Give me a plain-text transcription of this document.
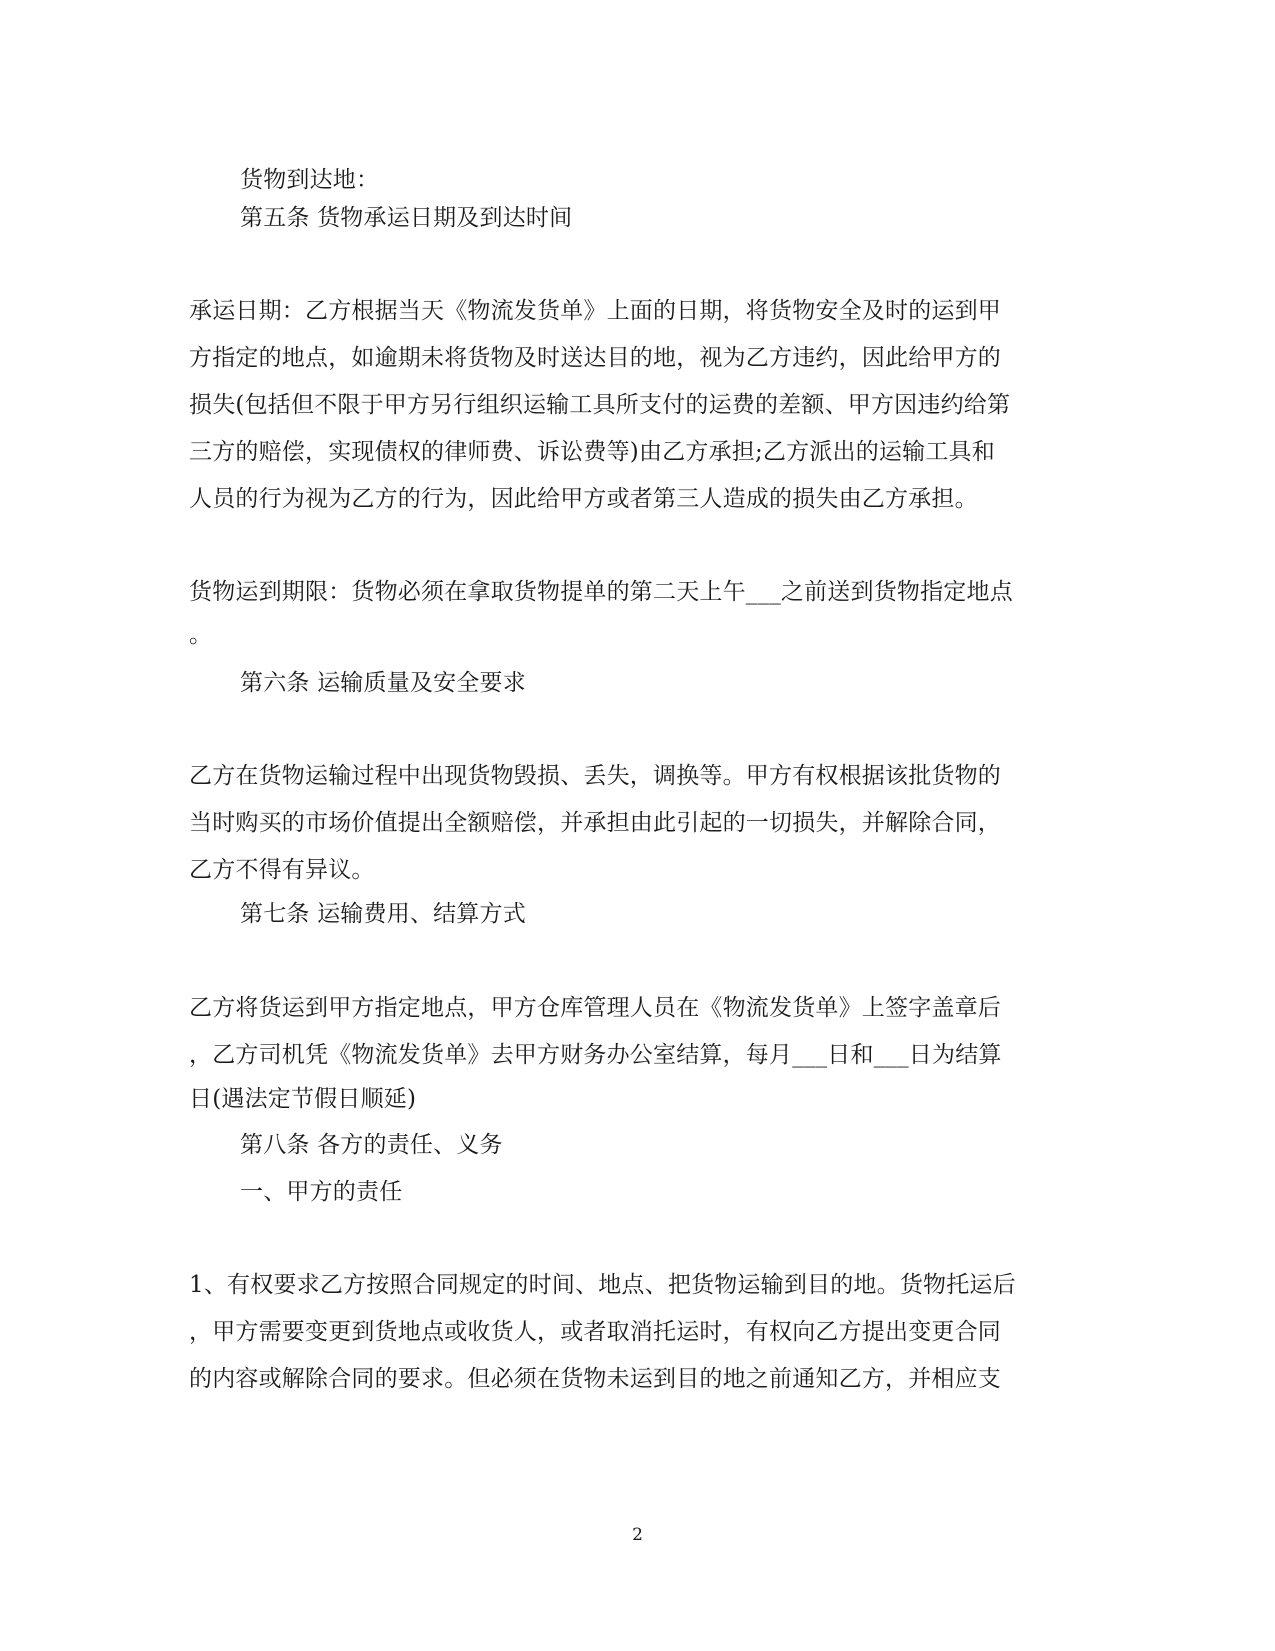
货物到达地：
第五条 货物承运日期及到达时间
承运日期：乙方根据当天《物流发货单》上面的日期，将货物安全及时的运到甲
方指定的地点，如逾期未将货物及时送达目的地，视为乙方违约，因此给甲方的
损失(包括但不限于甲方另行组织运输工具所支付的运费的差额、甲方因违约给第
三方的赔偿，实现债权的律师费、诉讼费等)由乙方承担;乙方派出的运输工具和
人员的行为视为乙方的行为，因此给甲方或者第三人造成的损失由乙方承担。
货物运到期限：货物必须在拿取货物提单的第二天上午___之前送到货物指定地点
。
第六条 运输质量及安全要求
乙方在货物运输过程中出现货物毁损、丢失，调换等。甲方有权根据该批货物的
当时购买的市场价值提出全额赔偿，并承担由此引起的一切损失，并解除合同，
乙方不得有异议。
第七条 运输费用、结算方式
乙方将货运到甲方指定地点，甲方仓库管理人员在《物流发货单》上签字盖章后
，乙方司机凭《物流发货单》去甲方财务办公室结算，每月___日和___日为结算
日(遇法定节假日顺延)
第八条 各方的责任、义务
一、甲方的责任
1、有权要求乙方按照合同规定的时间、地点、把货物运输到目的地。货物托运后
，甲方需要变更到货地点或收货人，或者取消托运时，有权向乙方提出变更合同
的内容或解除合同的要求。但必须在货物未运到目的地之前通知乙方，并相应支
2
